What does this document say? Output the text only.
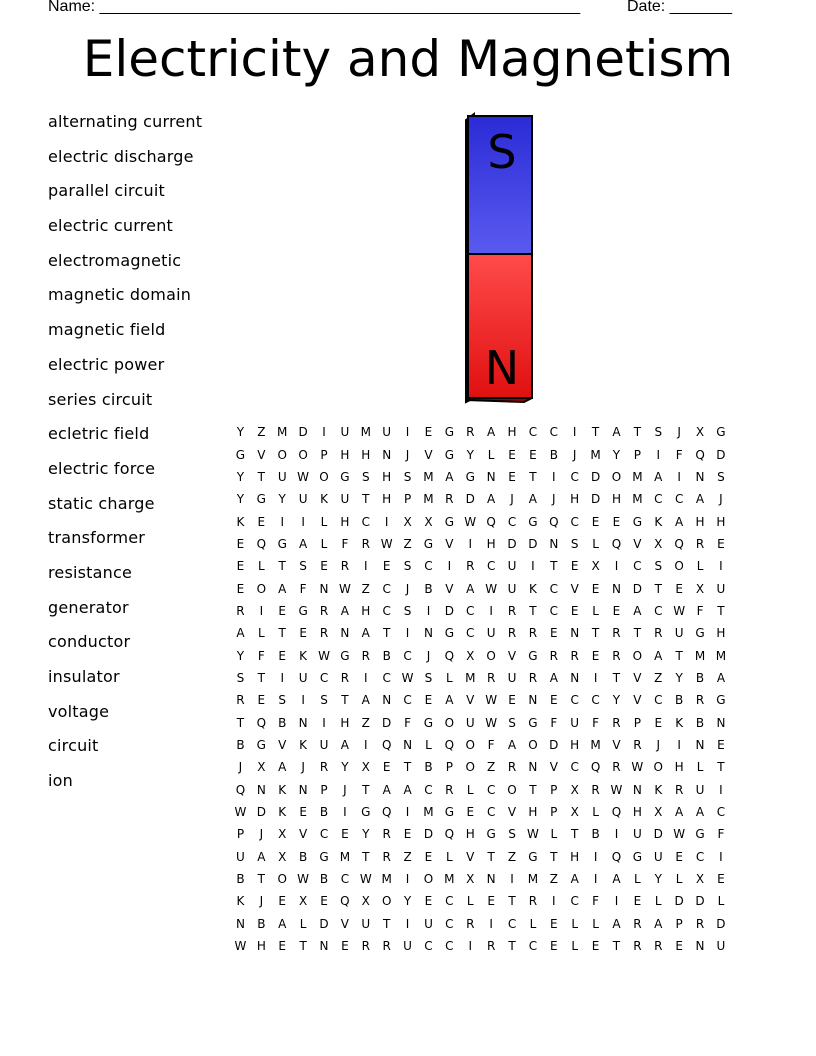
Name: ______________________________________________________	Date: _______
Electricity and Magnetism
alternating current
electric discharge
parallel circuit
electric current
electromagnetic
magnetic domain
magnetic field
electric power
series circuit
ecletric field
electric force
static charge
transformer
resistance
generator
conductor
insulator
voltage
circuit
ion
S
N
Y	Z	M	D	I	U	M	U	I	E	G	R	A	H	C	C	I	T	A	T	S	J	X	G
G	V	O	O	P	H	H	N	J	V	G	Y	L	E	E	B	J	M	Y	P	I	F	Q	D
Y	T	U	W	O	G	S	H	S	M	A	G	N	E	T	I	C	D	O	M	A	I	N	S
Y	G	Y	U	K	U	T	H	P	M	R	D	A	J	A	J	H	D	H	M	C	C	A	J
K	E	I	I	L	H	C	I	X	X	G	W	Q	C	G	Q	C	E	E	G	K	A	H	H
E	Q	G	A	L	F	R	W	Z	G	V	I	H	D	D	N	S	L	Q	V	X	Q	R	E
E	L	T	S	E	R	I	E	S	C	I	R	C	U	I	T	E	X	I	C	S	O	L	I
E	O	A	F	N	W	Z	C	J	B	V	A	W	U	K	C	V	E	N	D	T	E	X	U
R	I	E	G	R	A	H	C	S	I	D	C	I	R	T	C	E	L	E	A	C	W	F	T
A	L	T	E	R	N	A	T	I	N	G	C	U	R	R	E	N	T	R	T	R	U	G	H
Y	F	E	K	W	G	R	B	C	J	Q	X	O	V	G	R	R	E	R	O	A	T	M	M
S	T	I	U	C	R	I	C	W	S	L	M	R	U	R	A	N	I	T	V	Z	Y	B	A
R	E	S	I	S	T	A	N	C	E	A	V	W	E	N	E	C	C	Y	V	C	B	R	G
T	Q	B	N	I	H	Z	D	F	G	O	U	W	S	G	F	U	F	R	P	E	K	B	N
B	G	V	K	U	A	I	Q	N	L	Q	O	F	A	O	D	H	M	V	R	J	I	N	E
J	X	A	J	R	Y	X	E	T	B	P	O	Z	R	N	V	C	Q	R	W	O	H	L	T
Q	N	K	N	P	J	T	A	A	C	R	L	C	O	T	P	X	R	W	N	K	R	U	I
W	D	K	E	B	I	G	Q	I	M	G	E	C	V	H	P	X	L	Q	H	X	A	A	C
P	J	X	V	C	E	Y	R	E	D	Q	H	G	S	W	L	T	B	I	U	D	W	G	F
U	A	X	B	G	M	T	R	Z	E	L	V	T	Z	G	T	H	I	Q	G	U	E	C	I
B	T	O	W	B	C	W	M	I	O	M	X	N	I	M	Z	A	I	A	L	Y	L	X	E
K	J	E	X	E	Q	X	O	Y	E	C	L	E	T	R	I	C	F	I	E	L	D	D	L
N	B	A	L	D	V	U	T	I	U	C	R	I	C	L	E	L	L	A	R	A	P	R	D
W	H	E	T	N	E	R	R	U	C	C	I	R	T	C	E	L	E	T	R	R	E	N	U
